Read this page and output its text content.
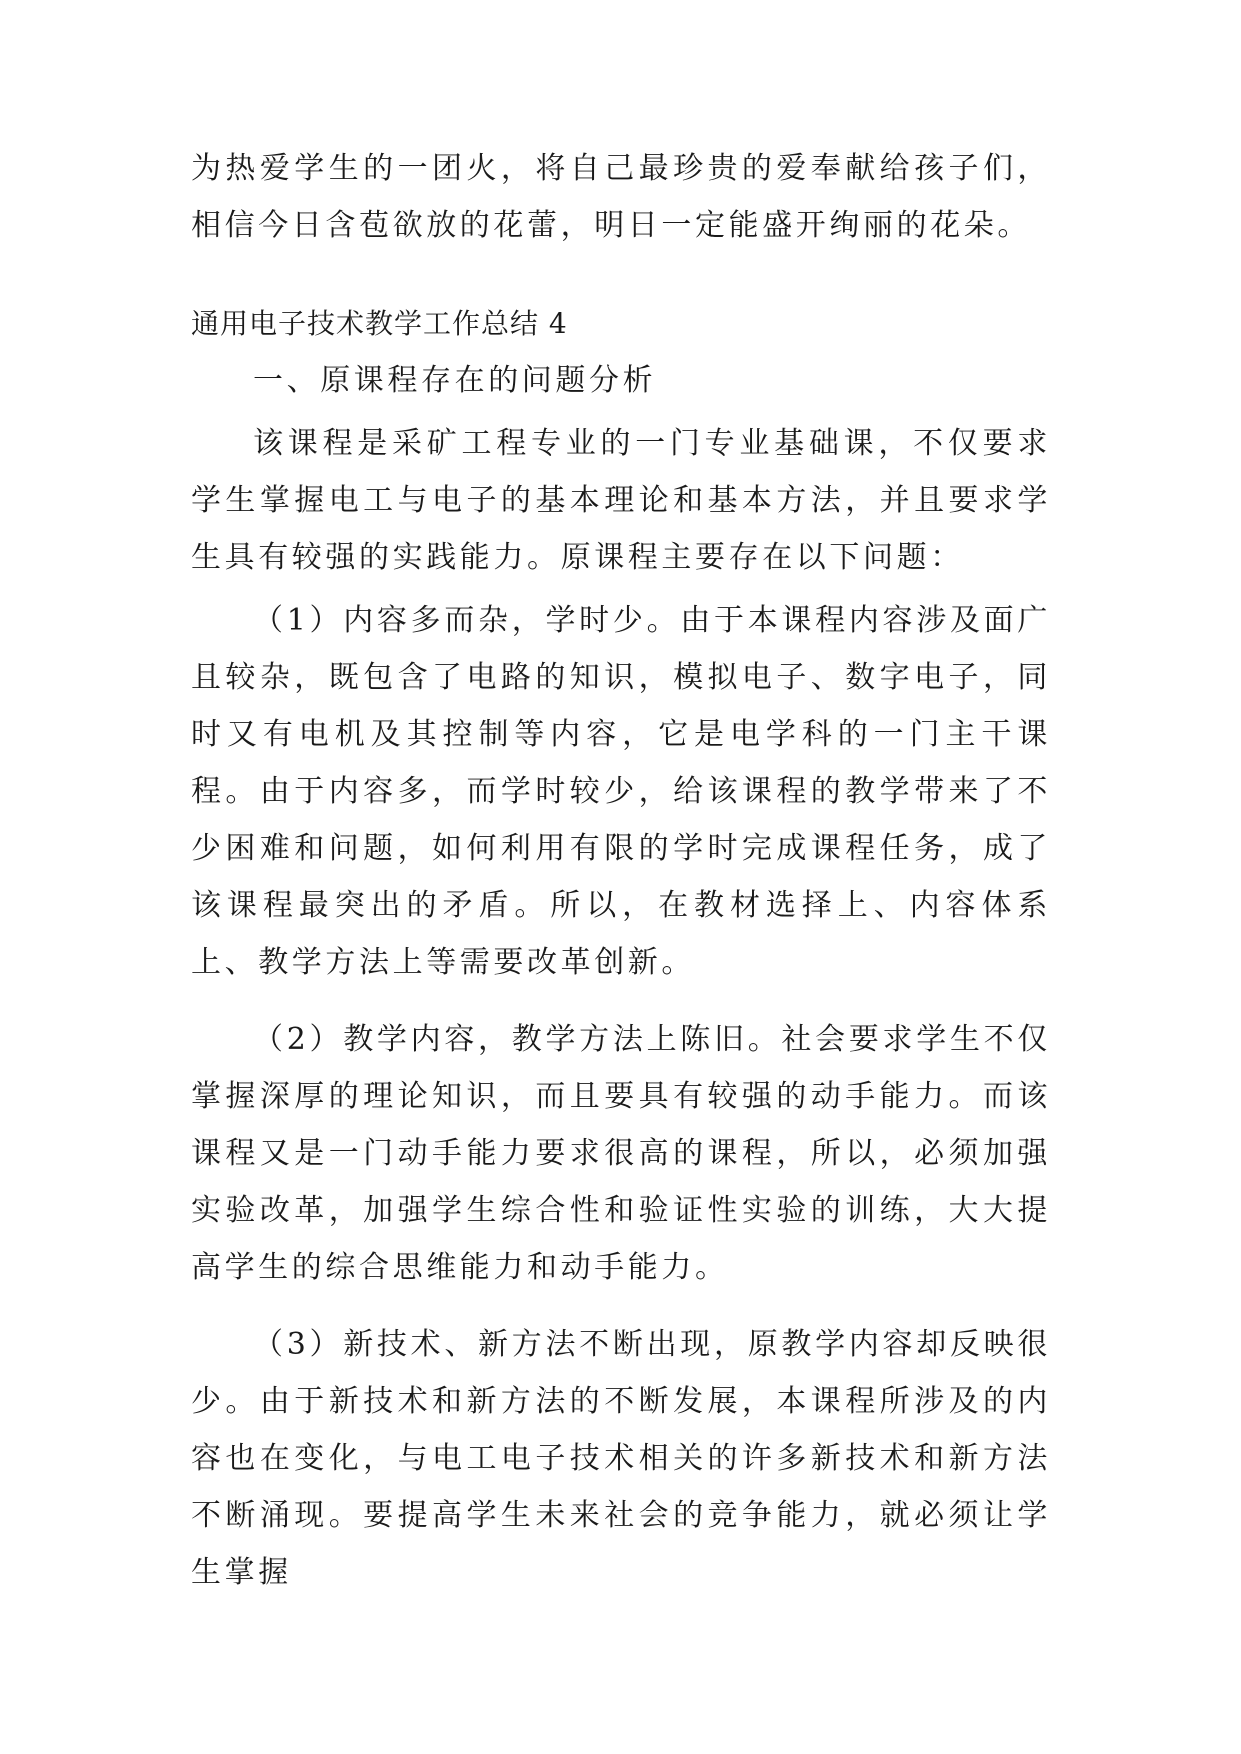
为热爱学生的一团火，将自己最珍贵的爱奉献给孩子们，相信今日含苞欲放的花蕾，明日一定能盛开绚丽的花朵。

通用电子技术教学工作总结 4

一、原课程存在的问题分析

该课程是采矿工程专业的一门专业基础课，不仅要求学生掌握电工与电子的基本理论和基本方法，并且要求学生具有较强的实践能力。原课程主要存在以下问题：

（1）内容多而杂，学时少。由于本课程内容涉及面广且较杂，既包含了电路的知识，模拟电子、数字电子，同时又有电机及其控制等内容，它是电学科的一门主干课程。由于内容多，而学时较少，给该课程的教学带来了不少困难和问题，如何利用有限的学时完成课程任务，成了该课程最突出的矛盾。所以，在教材选择上、内容体系上、教学方法上等需要改革创新。

（2）教学内容，教学方法上陈旧。社会要求学生不仅掌握深厚的理论知识，而且要具有较强的动手能力。而该课程又是一门动手能力要求很高的课程，所以，必须加强实验改革，加强学生综合性和验证性实验的训练，大大提高学生的综合思维能力和动手能力。

（3）新技术、新方法不断出现，原教学内容却反映很少。由于新技术和新方法的不断发展，本课程所涉及的内容也在变化，与电工电子技术相关的许多新技术和新方法不断涌现。要提高学生未来社会的竞争能力，就必须让学生掌握
